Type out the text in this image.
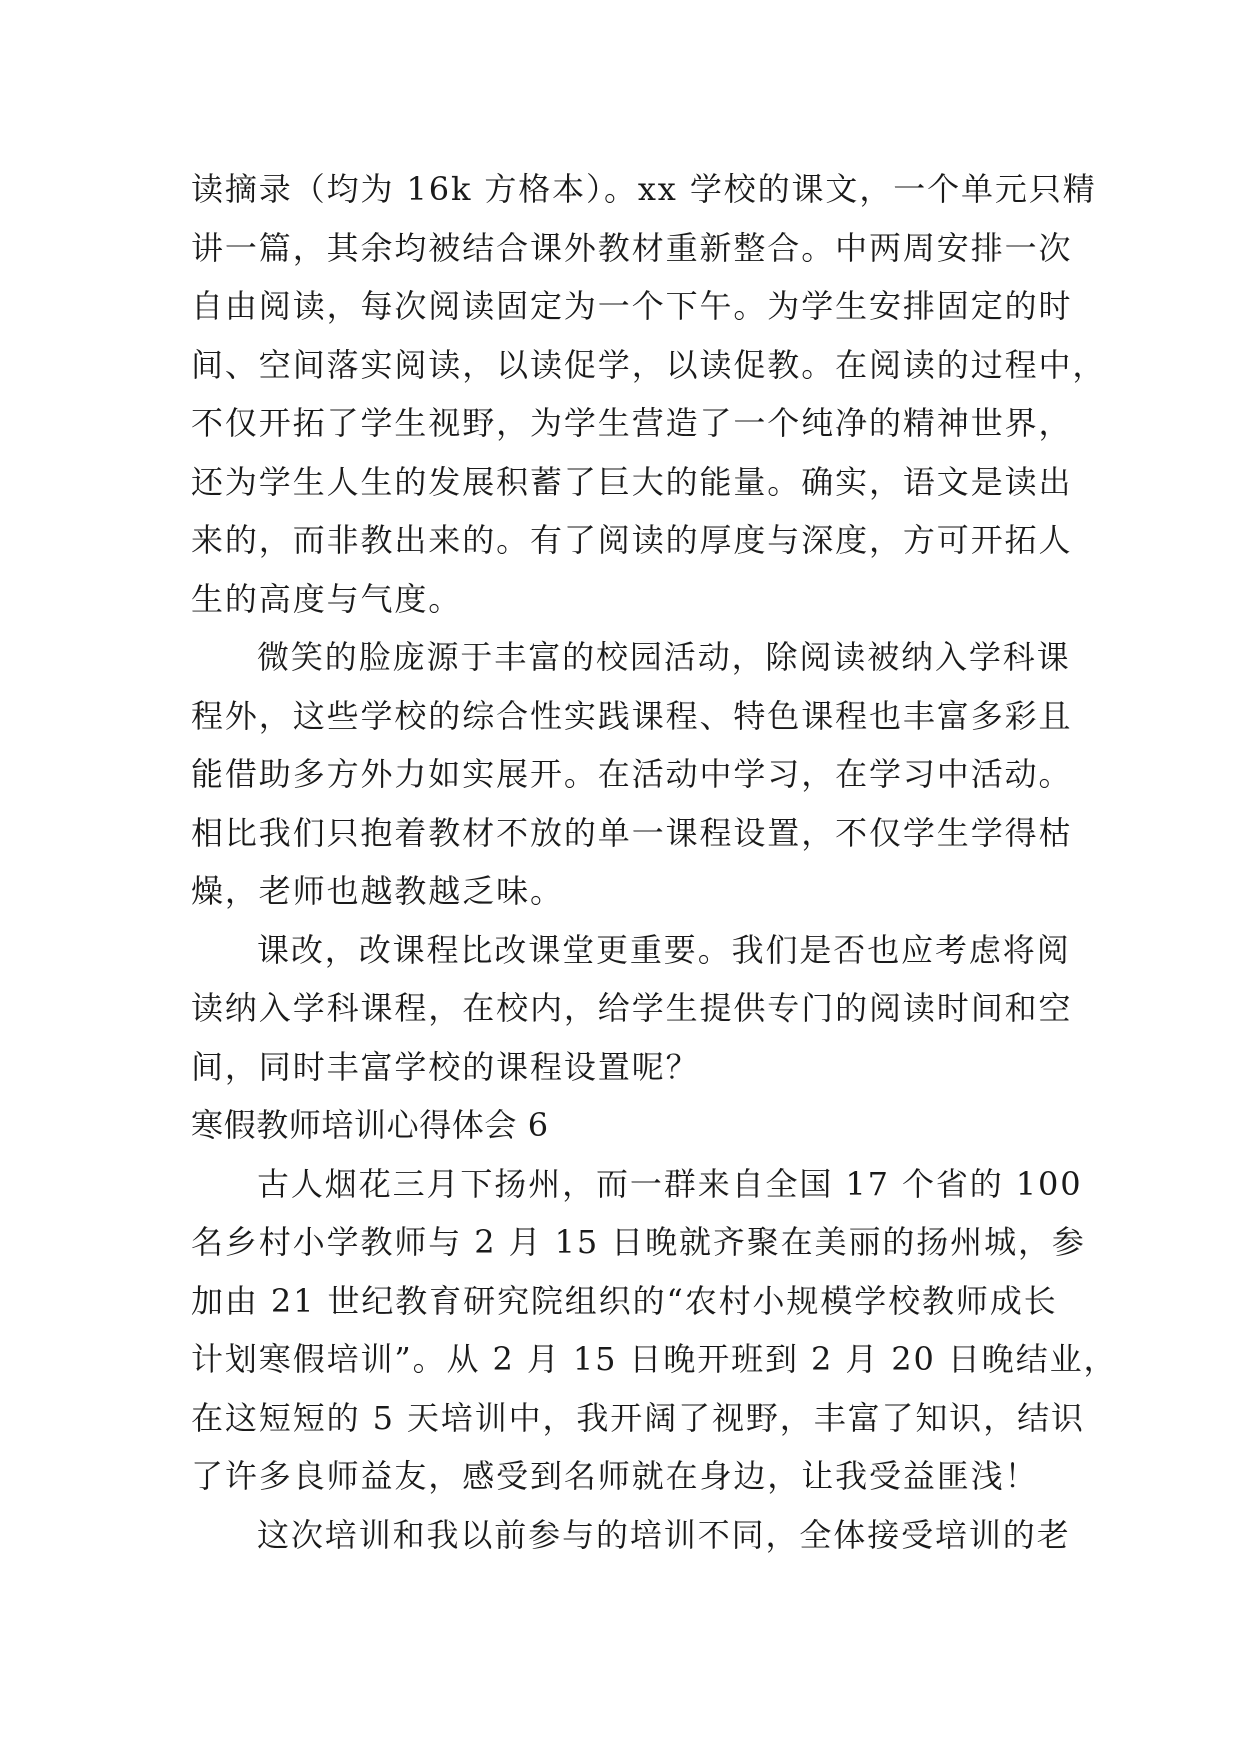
读摘录（均为 16k 方格本）。xx 学校的课文，一个单元只精
讲一篇，其余均被结合课外教材重新整合。中两周安排一次
自由阅读，每次阅读固定为一个下午。为学生安排固定的时
间、空间落实阅读，以读促学，以读促教。在阅读的过程中，
不仅开拓了学生视野，为学生营造了一个纯净的精神世界，
还为学生人生的发展积蓄了巨大的能量。确实，语文是读出
来的，而非教出来的。有了阅读的厚度与深度，方可开拓人
生的高度与气度。
微笑的脸庞源于丰富的校园活动，除阅读被纳入学科课
程外，这些学校的综合性实践课程、特色课程也丰富多彩且
能借助多方外力如实展开。在活动中学习，在学习中活动。
相比我们只抱着教材不放的单一课程设置，不仅学生学得枯
燥，老师也越教越乏味。
课改，改课程比改课堂更重要。我们是否也应考虑将阅
读纳入学科课程，在校内，给学生提供专门的阅读时间和空
间，同时丰富学校的课程设置呢？
寒假教师培训心得体会 6
古人烟花三月下扬州，而一群来自全国 17 个省的 100
名乡村小学教师与 2 月 15 日晚就齐聚在美丽的扬州城，参
加由 21 世纪教育研究院组织的“农村小规模学校教师成长
计划寒假培训”。从 2 月 15 日晚开班到 2 月 20 日晚结业，
在这短短的 5 天培训中，我开阔了视野，丰富了知识，结识
了许多良师益友，感受到名师就在身边，让我受益匪浅！
这次培训和我以前参与的培训不同，全体接受培训的老
